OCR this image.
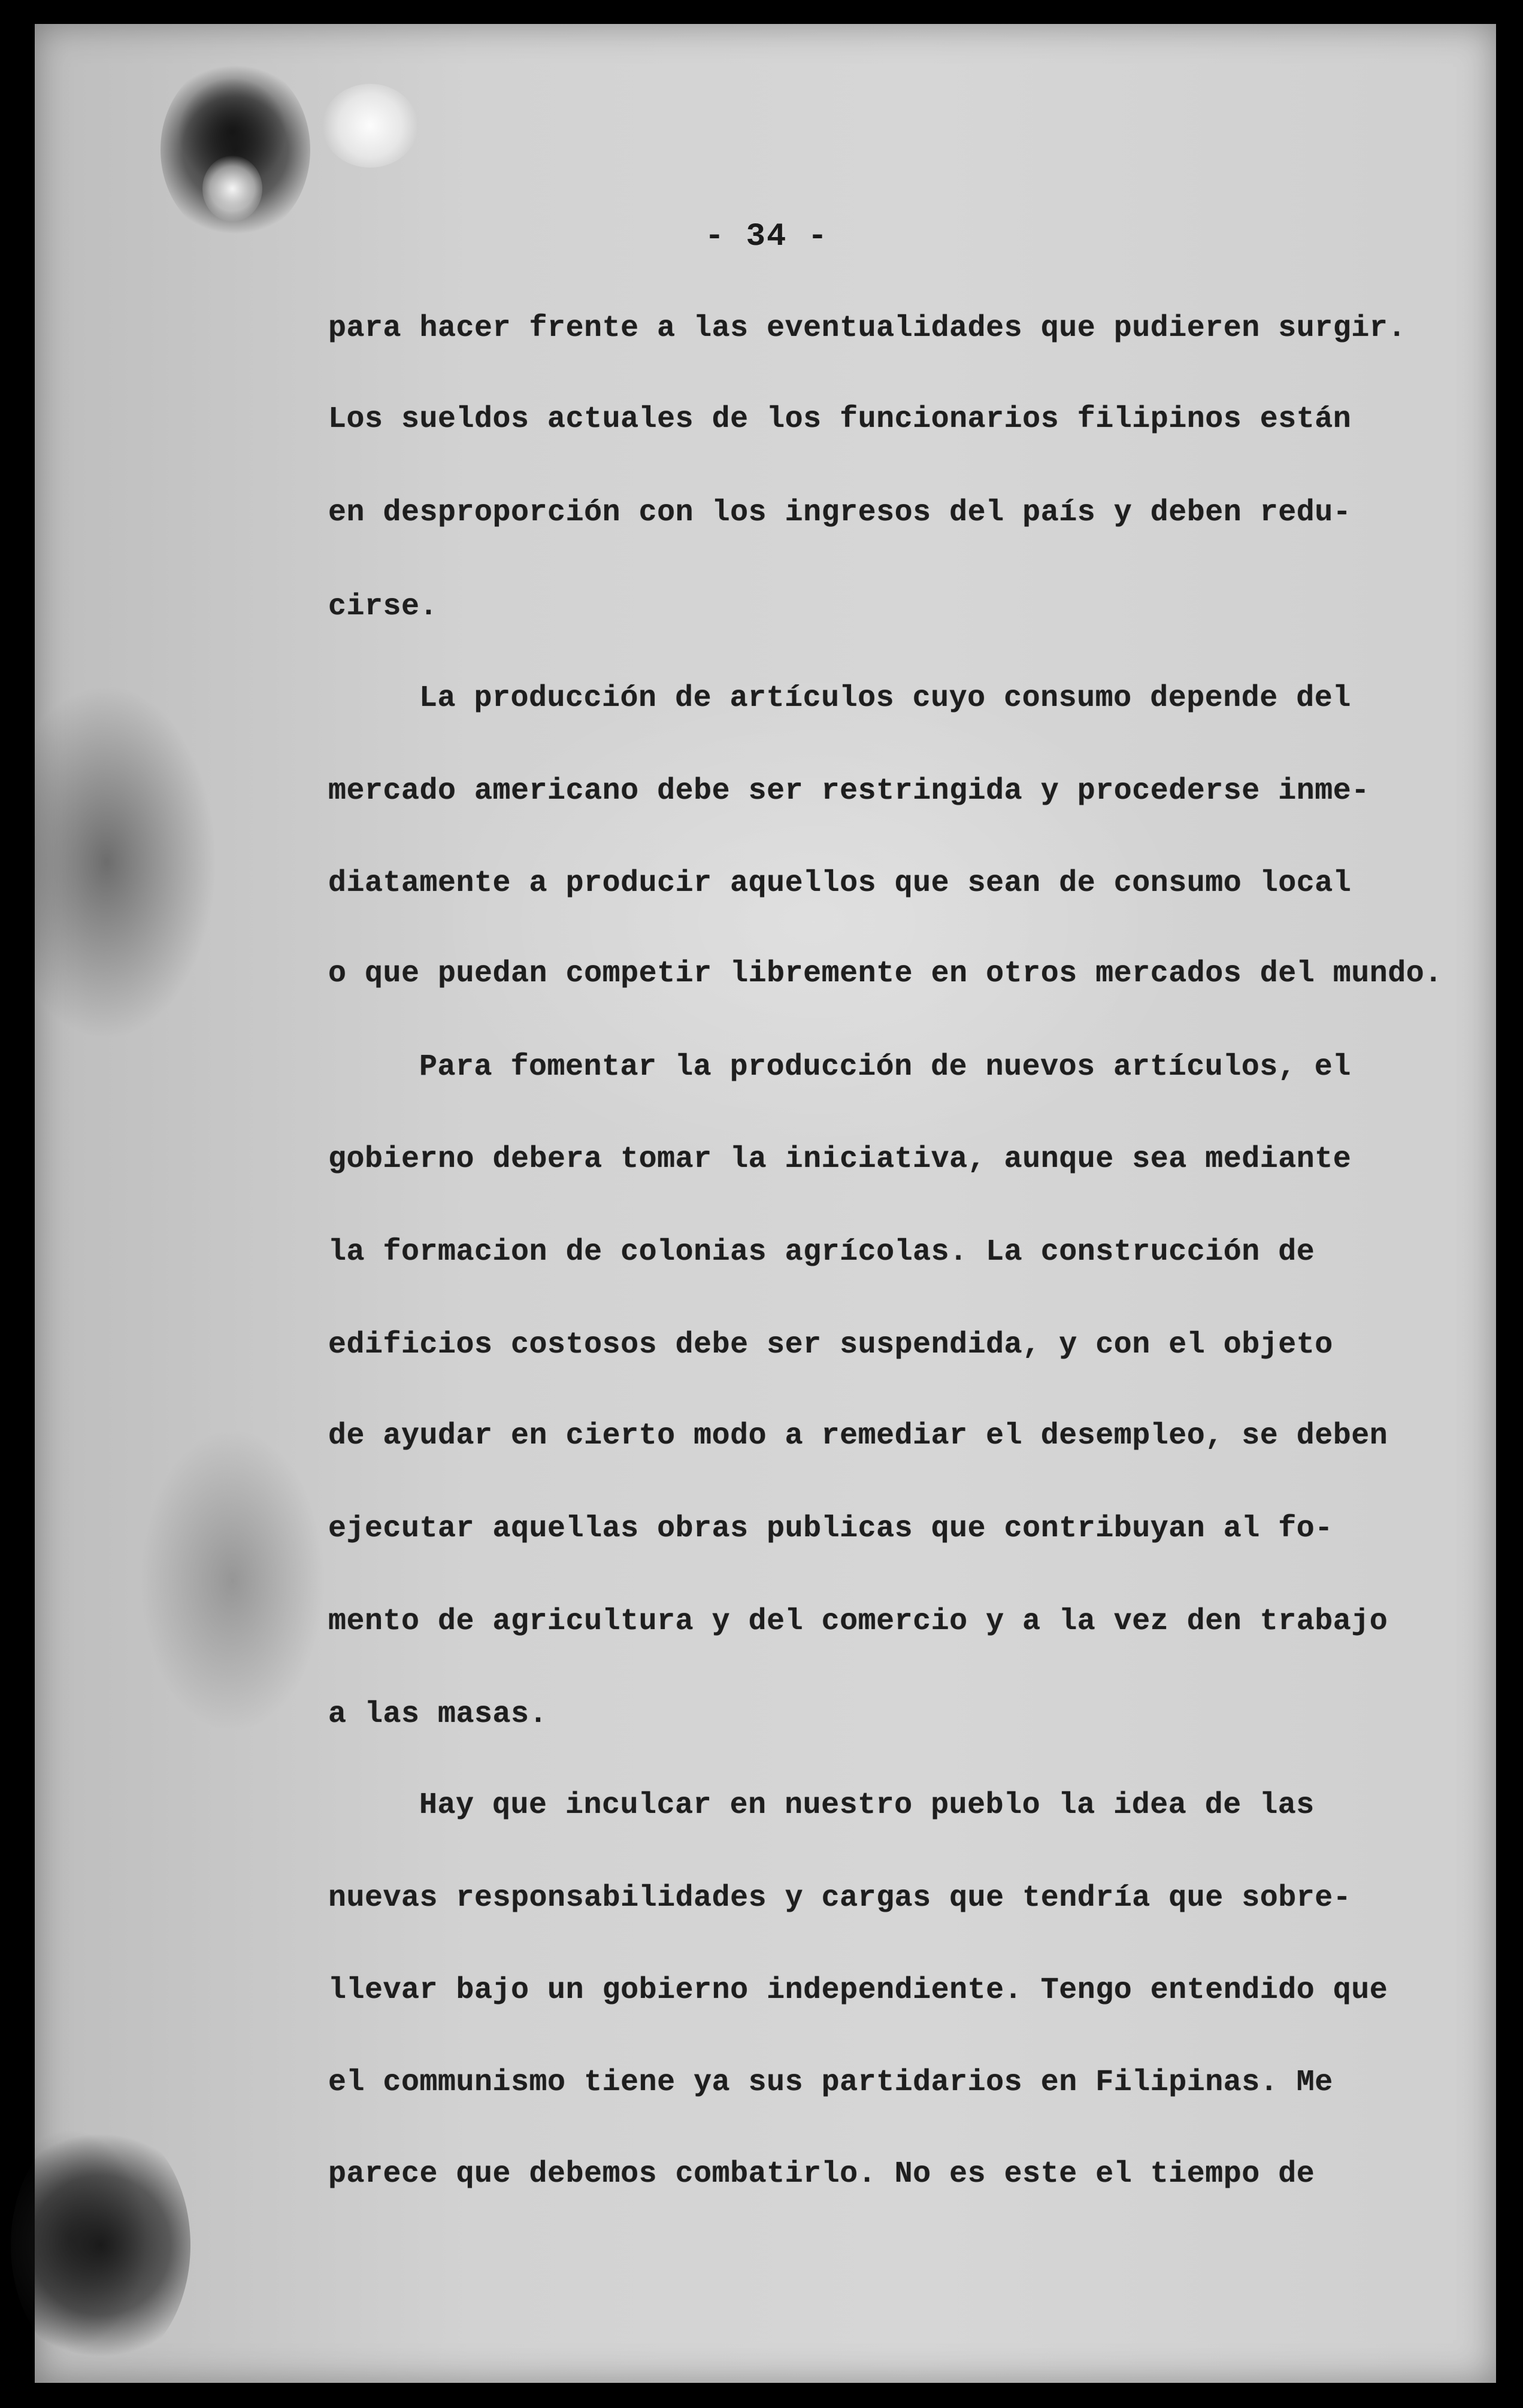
- 34 -
para hacer frente a las eventualidades que pudieren surgir.
Los sueldos actuales de los funcionarios filipinos están
en desproporción con los ingresos del país y deben redu-
cirse.
La producción de artículos cuyo consumo depende del
mercado americano debe ser restringida y procederse inme-
diatamente a producir aquellos que sean de consumo local
o que puedan competir libremente en otros mercados del mundo.
Para fomentar la producción de nuevos artículos, el
gobierno debera tomar la iniciativa, aunque sea mediante
la formacion de colonias agrícolas. La construcción de
edificios costosos debe ser suspendida, y con el objeto
de ayudar en cierto modo a remediar el desempleo, se deben
ejecutar aquellas obras publicas que contribuyan al fo-
mento de agricultura y del comercio y a la vez den trabajo
a las masas.
Hay que inculcar en nuestro pueblo la idea de las
nuevas responsabilidades y cargas que tendría que sobre-
llevar bajo un gobierno independiente. Tengo entendido que
el communismo tiene ya sus partidarios en Filipinas. Me
parece que debemos combatirlo. No es este el tiempo de
